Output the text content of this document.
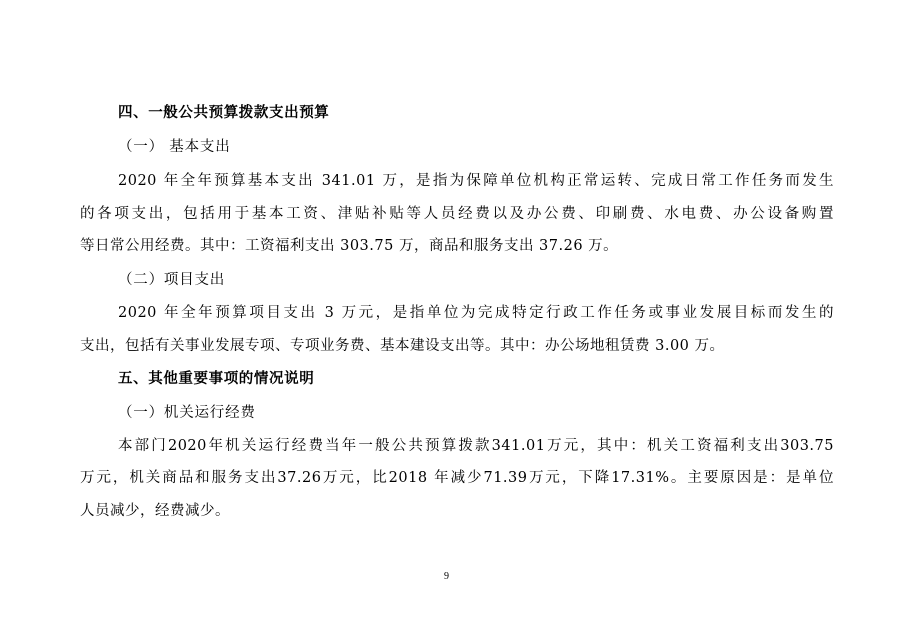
四、一般公共预算拨款支出预算
（一） 基本支出
2020 年全年预算基本支出 341.01 万，是指为保障单位机构正常运转、完成日常工作任务而发生
的各项支出，包括用于基本工资、津贴补贴等人员经费以及办公费、印刷费、水电费、办公设备购置
等日常公用经费。其中：工资福利支出 303.75 万，商品和服务支出 37.26 万。
（二）项目支出
2020 年全年预算项目支出 3 万元，是指单位为完成特定行政工作任务或事业发展目标而发生的
支出，包括有关事业发展专项、专项业务费、基本建设支出等。其中：办公场地租赁费 3.00 万。
五、其他重要事项的情况说明
（一）机关运行经费
本部门2020年机关运行经费当年一般公共预算拨款341.01万元，其中：机关工资福利支出303.75
万元，机关商品和服务支出37.26万元，比2018 年减少71.39万元，下降17.31%。主要原因是：是单位
人员减少，经费减少。
9
